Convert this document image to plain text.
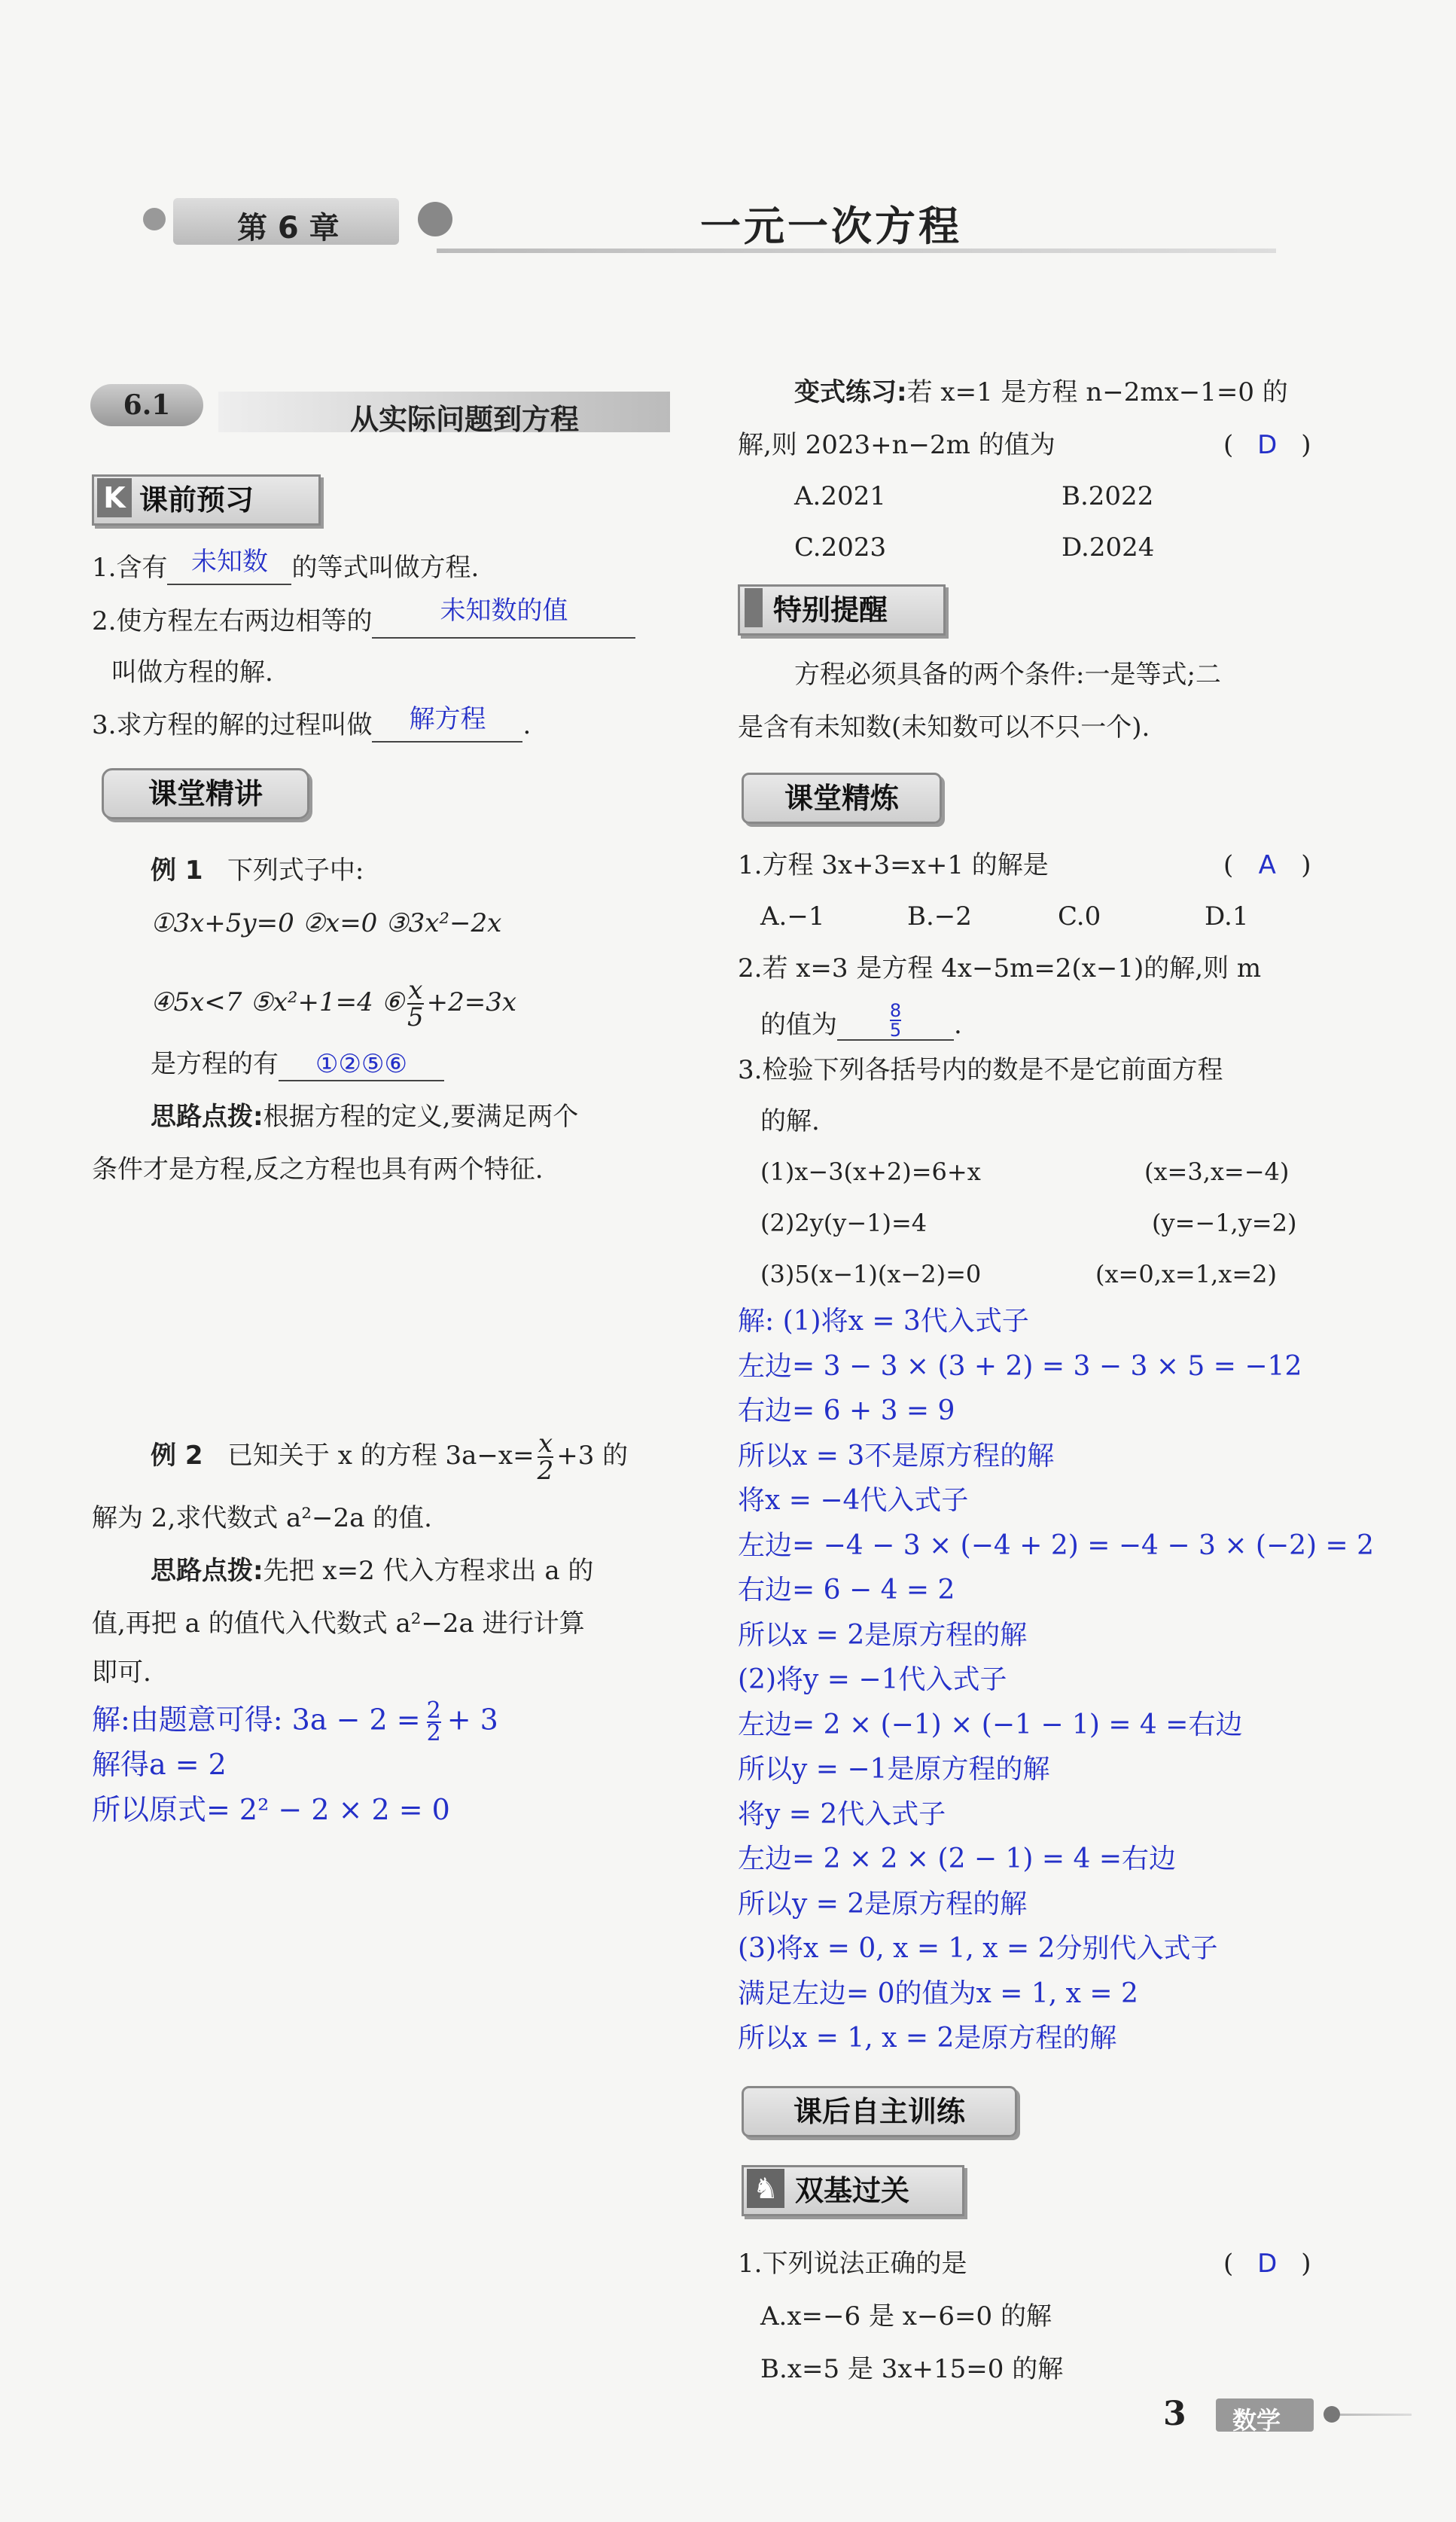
第 6 章	一元一次方程
6.1	从实际问题到方程
K 课前预习
1.含有 未知数 的等式叫做方程.
2.使方程左右两边相等的	未知数的值
叫做方程的解.
3.求方程的解的过程叫做 解方程 .
课堂精讲
例 1 下列式子中:
①3x+5y=0 ②x=0 ③3x²−2x
④5x<7 ⑤x²+1=4 ⑥ $\frac{x}{5} +2=3x$
是方程的有 ①②⑤⑥
思路点拨:根据方程的定义,要满足两个
条件才是方程,反之方程也具有两个特征.
例 2 已知关于 x 的方程 $3a-x= \frac{x}{2} +3$ 的
解为 2,求代数式 a²−2a 的值.
思路点拨:先把 x=2 代入方程求出 a 的
值,再把 a 的值代入代数式 a²−2a 进行计算
即可.
解:由题意可得: $3a - 2 = \frac{2}{2} + 3$
解得a = 2
所以原式= 2² − 2 × 2 = 0
变式练习:若 x=1 是方程 n−2mx−1=0 的
解,则 2023+n−2m 的值为	( D )
A.2021	B.2022
C.2023	D.2024
特别提醒
方程必须具备的两个条件:一是等式;二
是含有未知数(未知数可以不只一个).
课堂精炼
1.方程 3x+3=x+1 的解是	( A )
A.−1	B.−2	C.0	D.1
2.若 x=3 是方程 4x−5m=2(x−1)的解,则 m
的值为	$\frac{8}{5}$ .
3.检验下列各括号内的数是不是它前面方程
的解.
(1)x−3(x+2)=6+x	(x=3,x=−4)
(2)2y(y−1)=4	(y=−1,y=2)
(3)5(x−1)(x−2)=0	(x=0,x=1,x=2)
解: (1)将x = 3代入式子
左边= 3 − 3 × (3 + 2) = 3 − 3 × 5 = −12
右边= 6 + 3 = 9
所以x = 3不是原方程的解
将x = −4代入式子
左边= −4 − 3 × (−4 + 2) = −4 − 3 × (−2) = 2
右边= 6 − 4 = 2
所以x = 2是原方程的解
(2)将y = −1代入式子
左边= 2 × (−1) × (−1 − 1) = 4 =右边
所以y = −1是原方程的解
将y = 2代入式子
左边= 2 × 2 × (2 − 1) = 4 =右边
所以y = 2是原方程的解
(3)将x = 0, x = 1, x = 2分别代入式子
满足左边= 0的值为x = 1, x = 2
所以x = 1, x = 2是原方程的解
课后自主训练
♞ 双基过关
1.下列说法正确的是	( D )
A.x=−6 是 x−6=0 的解
B.x=5 是 3x+15=0 的解
3 数学
